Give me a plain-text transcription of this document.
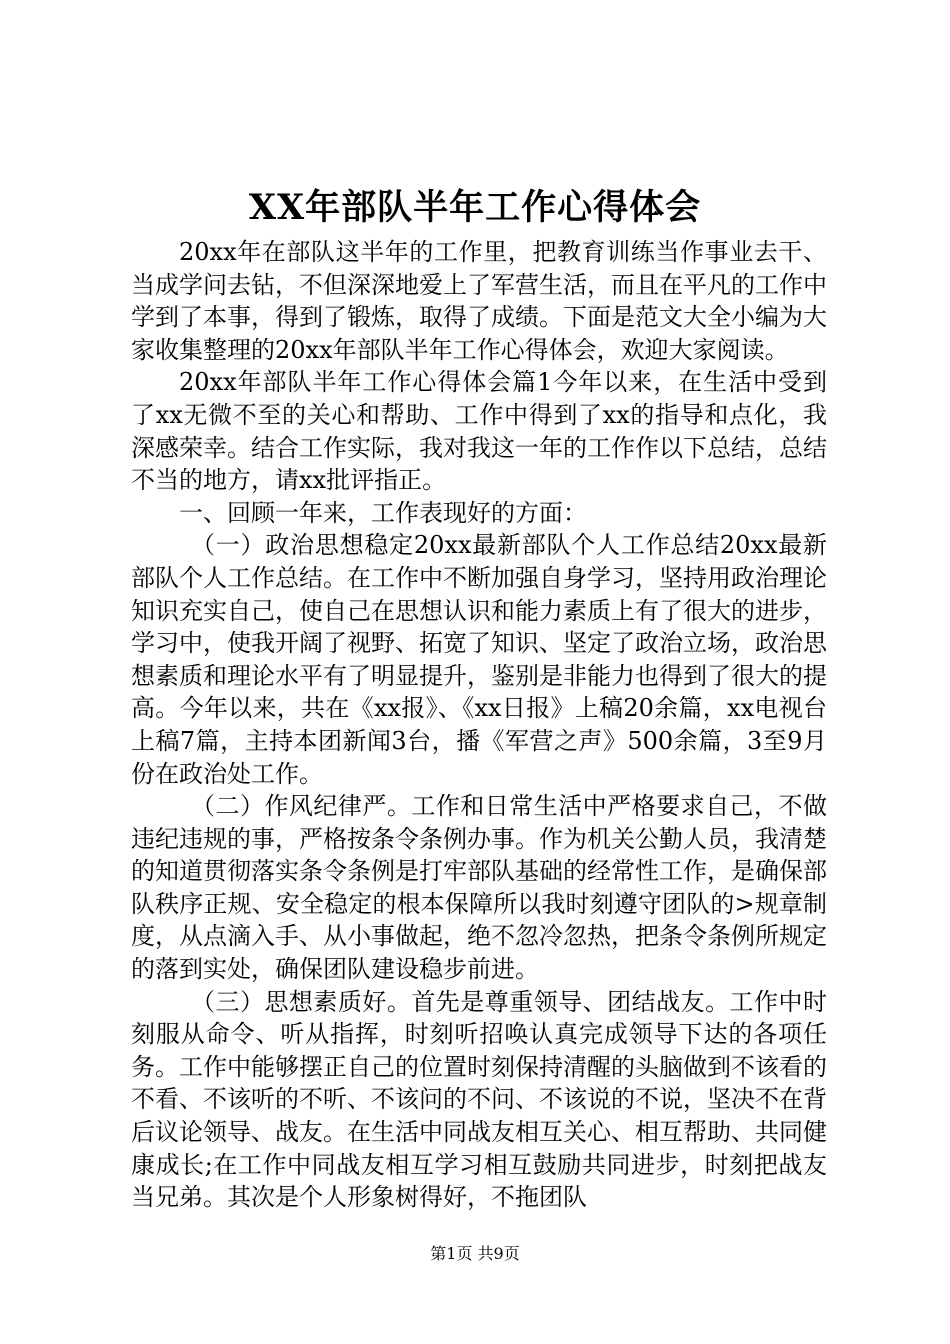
XX年部队半年工作心得体会

20xx年在部队这半年的工作里，把教育训练当作事业去干、当成学问去钻，不但深深地爱上了军营生活，而且在平凡的工作中学到了本事，得到了锻炼，取得了成绩。下面是范文大全小编为大家收集整理的20xx年部队半年工作心得体会，欢迎大家阅读。

20xx年部队半年工作心得体会篇1今年以来，在生活中受到了xx无微不至的关心和帮助、工作中得到了xx的指导和点化，我深感荣幸。结合工作实际，我对我这一年的工作作以下总结，总结不当的地方，请xx批评指正。

一、回顾一年来，工作表现好的方面：

（一）政治思想稳定20xx最新部队个人工作总结20xx最新部队个人工作总结。在工作中不断加强自身学习，坚持用政治理论知识充实自己，使自己在思想认识和能力素质上有了很大的进步，学习中，使我开阔了视野、拓宽了知识、坚定了政治立场，政治思想素质和理论水平有了明显提升，鉴别是非能力也得到了很大的提高。今年以来，共在《xx报》、《xx日报》上稿20余篇，xx电视台上稿7篇，主持本团新闻3台，播《军营之声》500余篇，3至9月份在政治处工作。

（二）作风纪律严。工作和日常生活中严格要求自己，不做违纪违规的事，严格按条令条例办事。作为机关公勤人员，我清楚的知道贯彻落实条令条例是打牢部队基础的经常性工作，是确保部队秩序正规、安全稳定的根本保障所以我时刻遵守团队的>规章制度，从点滴入手、从小事做起，绝不忽冷忽热，把条令条例所规定的落到实处，确保团队建设稳步前进。

（三）思想素质好。首先是尊重领导、团结战友。工作中时刻服从命令、听从指挥，时刻听招唤认真完成领导下达的各项任务。工作中能够摆正自己的位置时刻保持清醒的头脑做到不该看的不看、不该听的不听、不该问的不问、不该说的不说，坚决不在背后议论领导、战友。在生活中同战友相互关心、相互帮助、共同健康成长;在工作中同战友相互学习相互鼓励共同进步，时刻把战友当兄弟。其次是个人形象树得好，不拖团队

第1页 共9页
